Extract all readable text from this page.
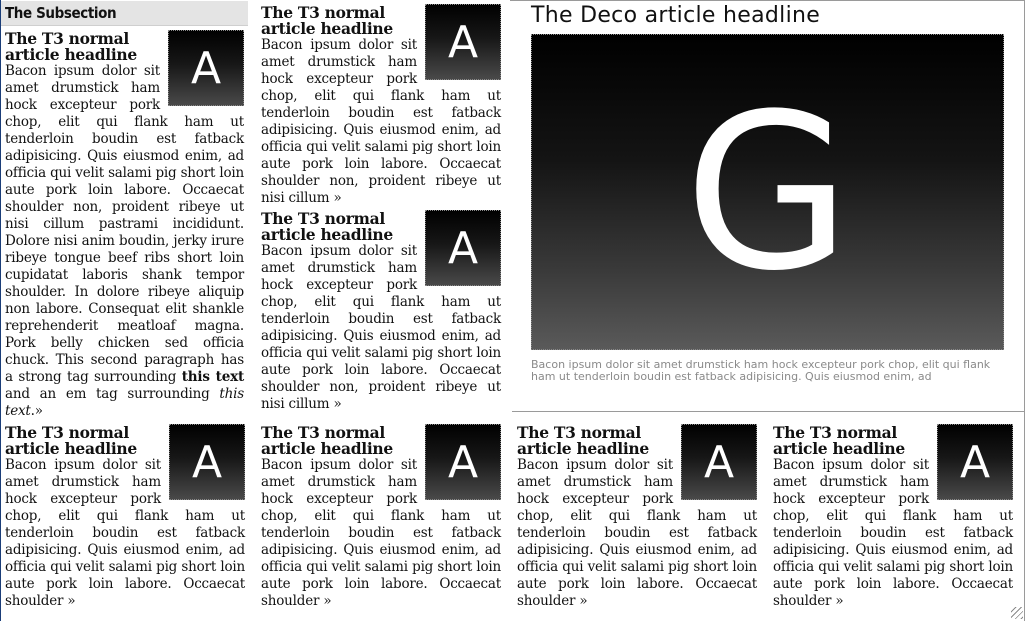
The Subsection
The T3 normal article headline	A

Bacon ipsum dolor sit amet drumstick ham hock excepteur pork chop, elit qui flank ham ut tenderloin boudin est fatback adipisicing. Quis eiusmod enim, ad officia qui velit salami pig short loin aute pork loin labore. Occaecat shoulder non, proident ribeye ut nisi cillum pastrami incididunt. Dolore nisi anim boudin, jerky irure ribeye tongue beef ribs short loin cupidatat laboris shank tempor shoulder. In dolore ribeye aliquip non labore. Consequat elit shankle reprehenderit meatloaf magna. Pork belly chicken sed officia chuck. This second paragraph has a strong tag surrounding this text and an em tag surrounding this text.»

The T3 normal article headline	A

Bacon ipsum dolor sit amet drumstick ham hock excepteur pork chop, elit qui flank ham ut tenderloin boudin est fatback adipisicing. Quis eiusmod enim, ad officia qui velit salami pig short loin aute pork loin labore. Occaecat shoulder non, proident ribeye ut nisi cillum »

The T3 normal article headline	A

Bacon ipsum dolor sit amet drumstick ham hock excepteur pork chop, elit qui flank ham ut tenderloin boudin est fatback adipisicing. Quis eiusmod enim, ad officia qui velit salami pig short loin aute pork loin labore. Occaecat shoulder non, proident ribeye ut nisi cillum »

The Deco article headline
G
Bacon ipsum dolor sit amet drumstick ham hock excepteur pork chop, elit qui flank ham ut tenderloin boudin est fatback adipisicing. Quis eiusmod enim, ad
The T3 normal article headline	A

Bacon ipsum dolor sit amet drumstick ham hock excepteur pork chop, elit qui flank ham ut tenderloin boudin est fatback adipisicing. Quis eiusmod enim, ad officia qui velit salami pig short loin aute pork loin labore. Occaecat shoulder »

The T3 normal article headline	A

Bacon ipsum dolor sit amet drumstick ham hock excepteur pork chop, elit qui flank ham ut tenderloin boudin est fatback adipisicing. Quis eiusmod enim, ad officia qui velit salami pig short loin aute pork loin labore. Occaecat shoulder »

The T3 normal article headline	A

Bacon ipsum dolor sit amet drumstick ham hock excepteur pork chop, elit qui flank ham ut tenderloin boudin est fatback adipisicing. Quis eiusmod enim, ad officia qui velit salami pig short loin aute pork loin labore. Occaecat shoulder »

The T3 normal article headline	A

Bacon ipsum dolor sit amet drumstick ham hock excepteur pork chop, elit qui flank ham ut tenderloin boudin est fatback adipisicing. Quis eiusmod enim, ad officia qui velit salami pig short loin aute pork loin labore. Occaecat shoulder »
